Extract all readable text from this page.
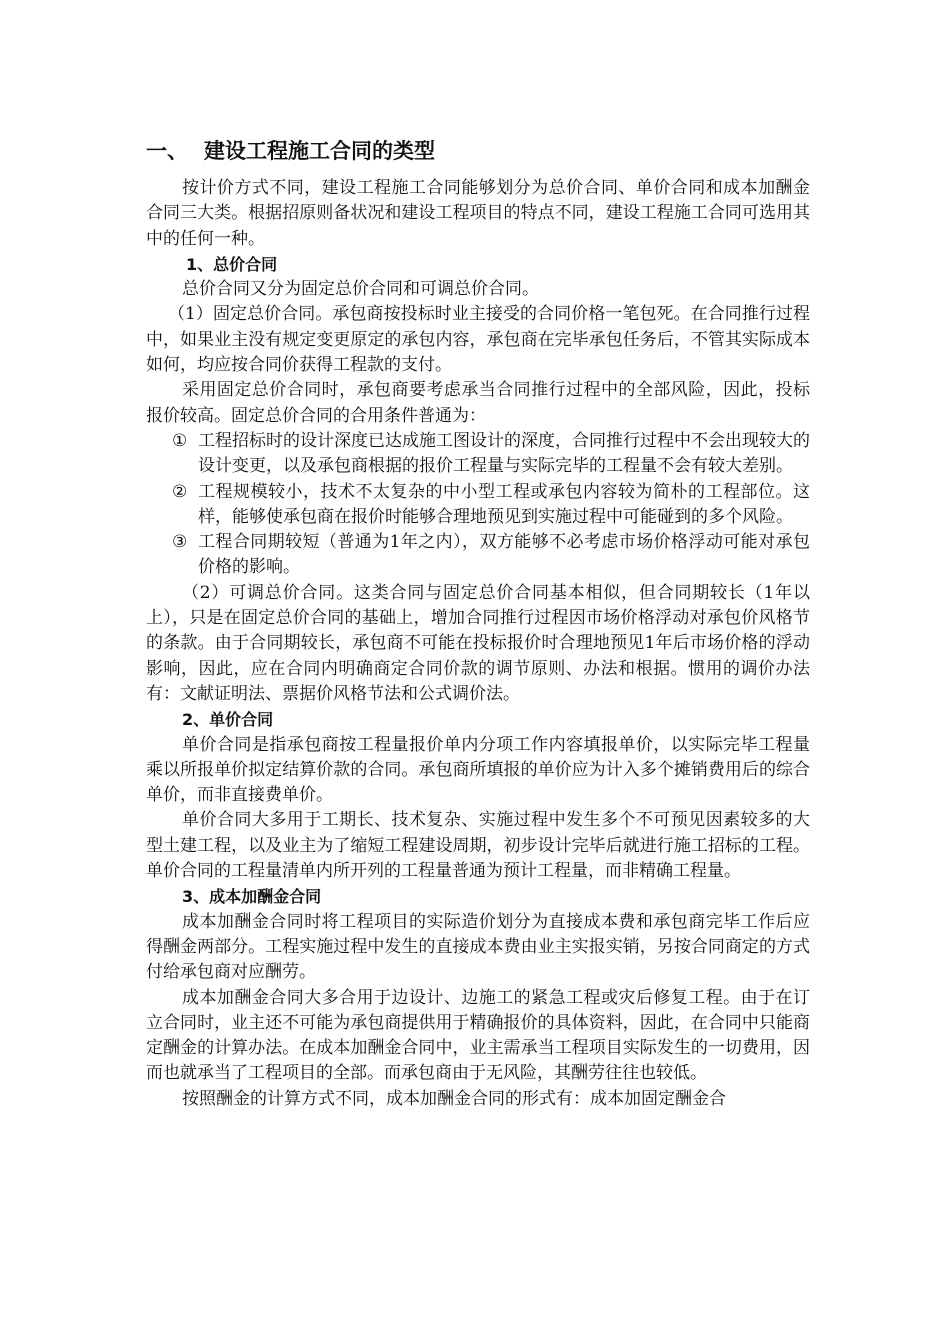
一、 建设工程施工合同的类型

按计价方式不同，建设工程施工合同能够划分为总价合同、单价合同和成本加酬金合同三大类。根据招原则备状况和建设工程项目的特点不同，建设工程施工合同可选用其中的任何一种。

1、总价合同

总价合同又分为固定总价合同和可调总价合同。

（1）固定总价合同。承包商按投标时业主接受的合同价格一笔包死。在合同推行过程中，如果业主没有规定变更原定的承包内容，承包商在完毕承包任务后，不管其实际成本如何，均应按合同价获得工程款的支付。

采用固定总价合同时，承包商要考虑承当合同推行过程中的全部风险，因此，投标报价较高。固定总价合同的合用条件普通为：

① 工程招标时的设计深度已达成施工图设计的深度，合同推行过程中不会出现较大的设计变更，以及承包商根据的报价工程量与实际完毕的工程量不会有较大差别。

② 工程规模较小，技术不太复杂的中小型工程或承包内容较为简朴的工程部位。这样，能够使承包商在报价时能够合理地预见到实施过程中可能碰到的多个风险。

③ 工程合同期较短（普通为1年之内），双方能够不必考虑市场价格浮动可能对承包价格的影响。

（2）可调总价合同。这类合同与固定总价合同基本相似，但合同期较长（1年以上），只是在固定总价合同的基础上，增加合同推行过程因市场价格浮动对承包价风格节的条款。由于合同期较长，承包商不可能在投标报价时合理地预见1年后市场价格的浮动影响，因此，应在合同内明确商定合同价款的调节原则、办法和根据。惯用的调价办法有：文献证明法、票据价风格节法和公式调价法。

2、单价合同

单价合同是指承包商按工程量报价单内分项工作内容填报单价，以实际完毕工程量乘以所报单价拟定结算价款的合同。承包商所填报的单价应为计入多个摊销费用后的综合单价，而非直接费单价。

单价合同大多用于工期长、技术复杂、实施过程中发生多个不可预见因素较多的大型土建工程，以及业主为了缩短工程建设周期，初步设计完毕后就进行施工招标的工程。单价合同的工程量清单内所开列的工程量普通为预计工程量，而非精确工程量。

3、成本加酬金合同

成本加酬金合同时将工程项目的实际造价划分为直接成本费和承包商完毕工作后应得酬金两部分。工程实施过程中发生的直接成本费由业主实报实销，另按合同商定的方式付给承包商对应酬劳。

成本加酬金合同大多合用于边设计、边施工的紧急工程或灾后修复工程。由于在订立合同时，业主还不可能为承包商提供用于精确报价的具体资料，因此，在合同中只能商定酬金的计算办法。在成本加酬金合同中，业主需承当工程项目实际发生的一切费用，因而也就承当了工程项目的全部。而承包商由于无风险，其酬劳往往也较低。

按照酬金的计算方式不同，成本加酬金合同的形式有：成本加固定酬金合
